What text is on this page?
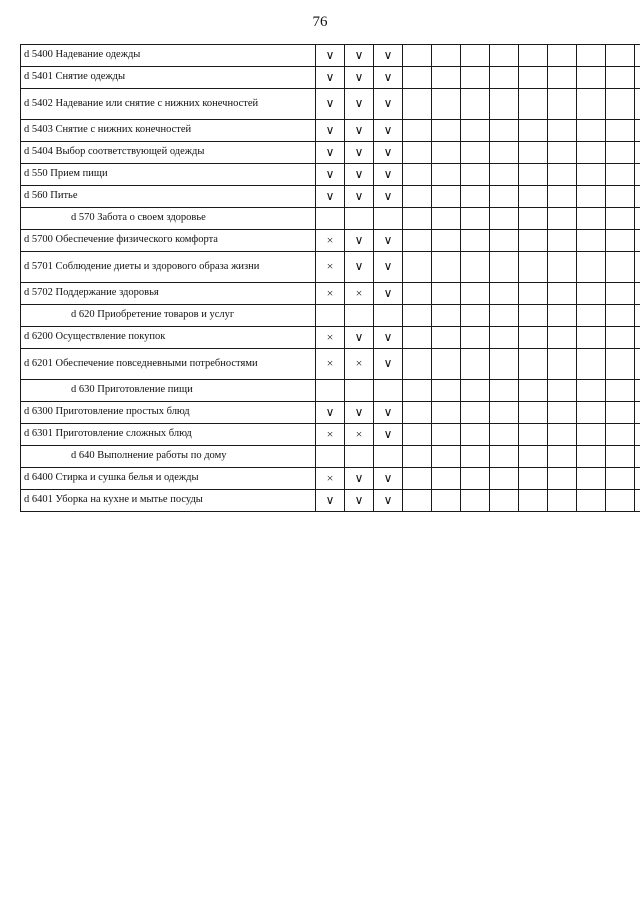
76
d 5400 Надевание одежды	∨	∨	∨													
d 5401 Снятие одежды	∨	∨	∨													
d 5402 Надевание или снятие с нижних конечностей	∨	∨	∨													
d 5403 Снятие с нижних конечностей	∨	∨	∨													
d 5404 Выбор соответствующей одежды	∨	∨	∨													
d 550 Прием пищи	∨	∨	∨													
d 560 Питье	∨	∨	∨													
d 570 Забота о своем здоровье																
d 5700 Обеспечение физического комфорта	×	∨	∨													
d 5701 Соблюдение диеты и здорового образа жизни	×	∨	∨													
d 5702 Поддержание здоровья	×	×	∨													
d 620 Приобретение товаров и услуг																
d 6200 Осуществление покупок	×	∨	∨													
d 6201 Обеспечение повседневными потребностями	×	×	∨													
d 630 Приготовление пищи																
d 6300 Приготовление простых блюд	∨	∨	∨													
d 6301 Приготовление сложных блюд	×	×	∨													
d 640 Выполнение работы по дому																
d 6400 Стирка и сушка белья и одежды	×	∨	∨													
d 6401 Уборка на кухне и мытье посуды	∨	∨	∨													
